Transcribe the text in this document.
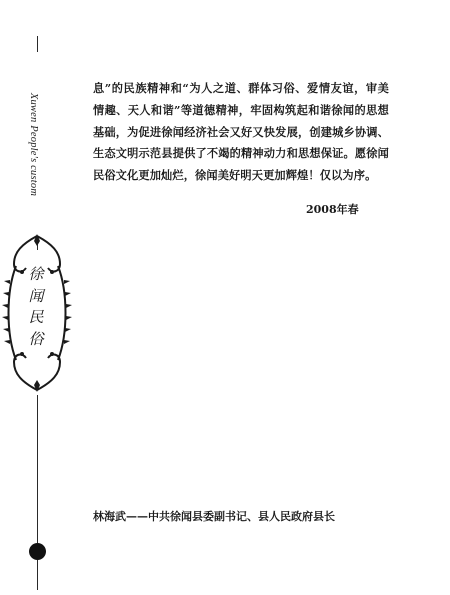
Xuwen People's custom
徐
闻
民
俗

息”的民族精神和“为人之道、群体习俗、爱情友谊，审美情趣、天人和谐”等道德精神，牢固构筑起和谐徐闻的思想基础，为促进徐闻经济社会又好又快发展，创建城乡协调、生态文明示范县提供了不竭的精神动力和思想保证。愿徐闻民俗文化更加灿烂，徐闻美好明天更加辉煌！仅以为序。

2008年春
林海武——中共徐闻县委副书记、县人民政府县长
